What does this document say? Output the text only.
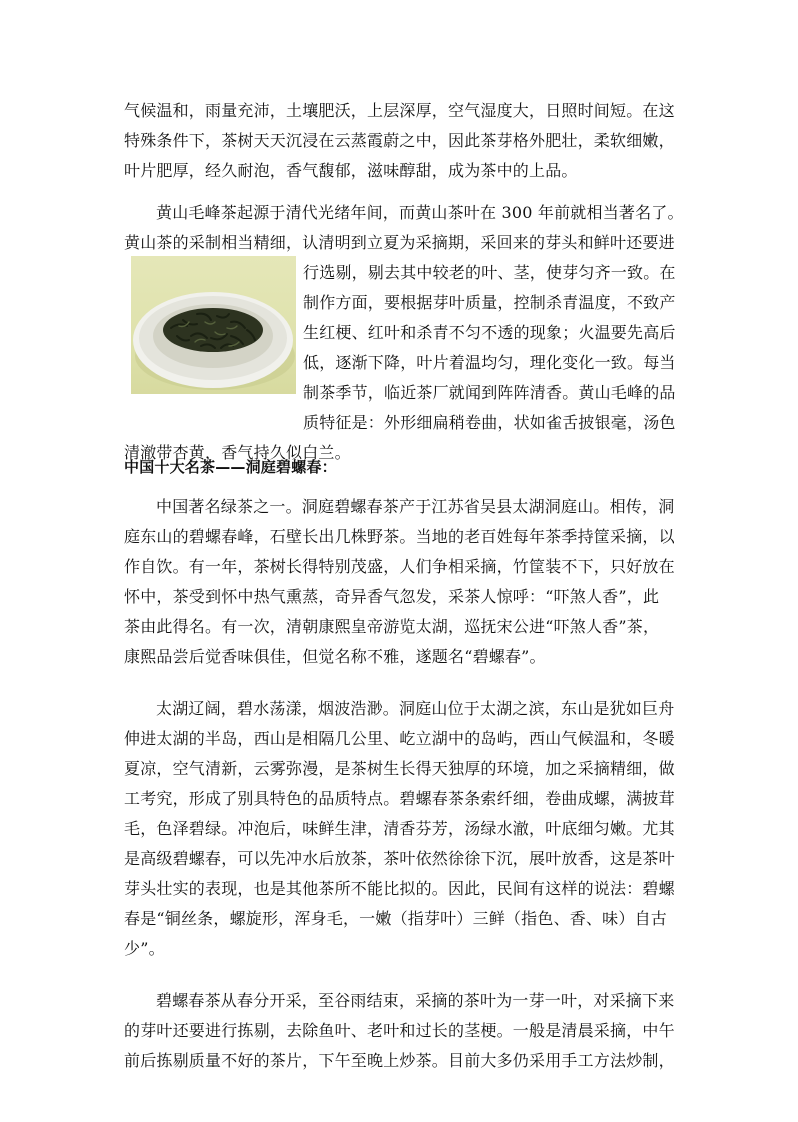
气候温和，雨量充沛，土壤肥沃，上层深厚，空气湿度大，日照时间短。在这
特殊条件下，茶树天天沉浸在云蒸霞蔚之中，因此茶芽格外肥壮，柔软细嫩，
叶片肥厚，经久耐泡，香气馥郁，滋味醇甜，成为茶中的上品。
黄山毛峰茶起源于清代光绪年间，而黄山茶叶在 300 年前就相当著名了。
黄山茶的采制相当精细，认清明到立夏为采摘期，采回来的芽头和鲜叶还要进
行选剔，剔去其中较老的叶、茎，使芽匀齐一致。在
制作方面，要根据芽叶质量，控制杀青温度，不致产
生红梗、红叶和杀青不匀不透的现象；火温要先高后
低，逐渐下降，叶片着温均匀，理化变化一致。每当
制茶季节，临近茶厂就闻到阵阵清香。黄山毛峰的品
质特征是：外形细扁稍卷曲，状如雀舌披银毫，汤色
清澈带杏黄，香气持久似白兰。
中国十大名茶——洞庭碧螺春：
中国著名绿茶之一。洞庭碧螺春茶产于江苏省吴县太湖洞庭山。相传，洞
庭东山的碧螺春峰，石壁长出几株野茶。当地的老百姓每年茶季持筐采摘，以
作自饮。有一年，茶树长得特别茂盛，人们争相采摘，竹筐装不下，只好放在
怀中，茶受到怀中热气熏蒸，奇异香气忽发，采茶人惊呼：“吓煞人香”，此
茶由此得名。有一次，清朝康熙皇帝游览太湖，巡抚宋公进“吓煞人香”茶，
康熙品尝后觉香味俱佳，但觉名称不雅，遂题名“碧螺春”。
太湖辽阔，碧水荡漾，烟波浩渺。洞庭山位于太湖之滨，东山是犹如巨舟
伸进太湖的半岛，西山是相隔几公里、屹立湖中的岛屿，西山气候温和，冬暖
夏凉，空气清新，云雾弥漫，是茶树生长得天独厚的环境，加之采摘精细，做
工考究，形成了别具特色的品质特点。碧螺春茶条索纤细，卷曲成螺，满披茸
毛，色泽碧绿。冲泡后，味鲜生津，清香芬芳，汤绿水澈，叶底细匀嫩。尤其
是高级碧螺春，可以先冲水后放茶，茶叶依然徐徐下沉，展叶放香，这是茶叶
芽头壮实的表现，也是其他茶所不能比拟的。因此，民间有这样的说法：碧螺
春是“铜丝条，螺旋形，浑身毛，一嫩（指芽叶）三鲜（指色、香、味）自古
少”。
碧螺春茶从春分开采，至谷雨结束，采摘的茶叶为一芽一叶，对采摘下来
的芽叶还要进行拣剔，去除鱼叶、老叶和过长的茎梗。一般是清晨采摘，中午
前后拣剔质量不好的茶片，下午至晚上炒茶。目前大多仍采用手工方法炒制，
